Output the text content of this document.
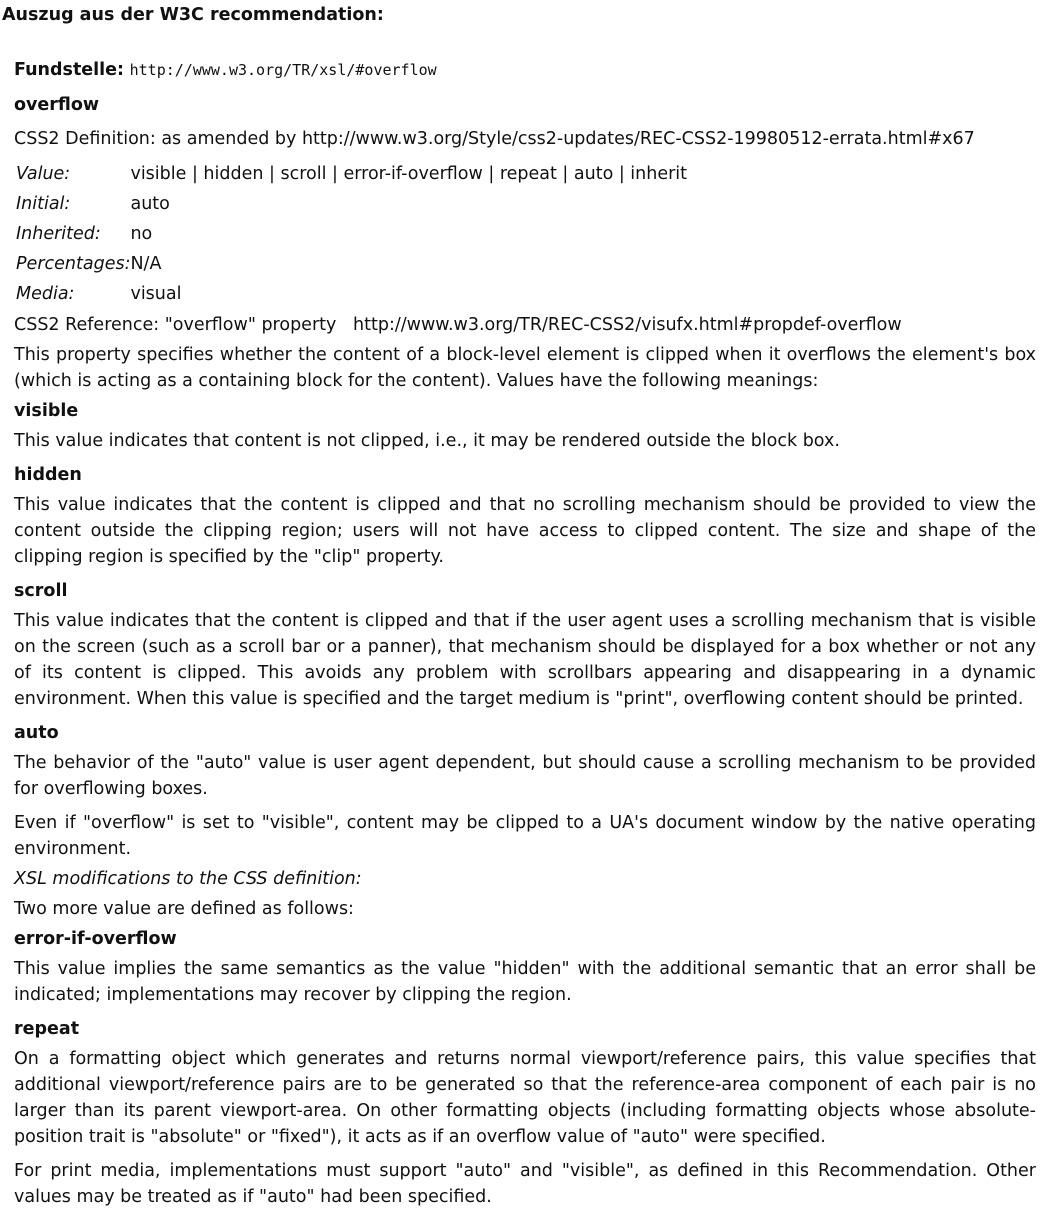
Auszug aus der W3C recommendation:
Fundstelle: http://www.w3.org/TR/xsl/#overflow
overflow
CSS2 Definition: as amended by http://www.w3.org/Style/css2-updates/REC-CSS2-19980512-errata.html#x67
Value:	visible | hidden | scroll | error-if-overflow | repeat | auto | inherit
Initial:	auto
Inherited:	no
Percentages:	N/A
Media:	visual
CSS2 Reference: "overflow" property   http://www.w3.org/TR/REC-CSS2/visufx.html#propdef-overflow
This property specifies whether the content of a block-level element is clipped when it overflows the element's box (which is acting as a containing block for the content). Values have the following meanings:
visible
This value indicates that content is not clipped, i.e., it may be rendered outside the block box.
hidden
This value indicates that the content is clipped and that no scrolling mechanism should be provided to view the content outside the clipping region; users will not have access to clipped content. The size and shape of the clipping region is specified by the "clip" property.
scroll
This value indicates that the content is clipped and that if the user agent uses a scrolling mechanism that is visible on the screen (such as a scroll bar or a panner), that mechanism should be displayed for a box whether or not any of its content is clipped. This avoids any problem with scrollbars appearing and disappearing in a dynamic environment. When this value is specified and the target medium is "print", overflowing content should be printed.
auto
The behavior of the "auto" value is user agent dependent, but should cause a scrolling mechanism to be provided for overflowing boxes.
Even if "overflow" is set to "visible", content may be clipped to a UA's document window by the native operating environment.
XSL modifications to the CSS definition:
Two more value are defined as follows:
error-if-overflow
This value implies the same semantics as the value "hidden" with the additional semantic that an error shall be indicated; implementations may recover by clipping the region.
repeat
On a formatting object which generates and returns normal viewport/reference pairs, this value specifies that additional viewport/reference pairs are to be generated so that the reference-area component of each pair is no larger than its parent viewport-area. On other formatting objects (including formatting objects whose absolute-position trait is "absolute" or "fixed"), it acts as if an overflow value of "auto" were specified.
For print media, implementations must support "auto" and "visible", as defined in this Recommendation. Other values may be treated as if "auto" had been specified.
